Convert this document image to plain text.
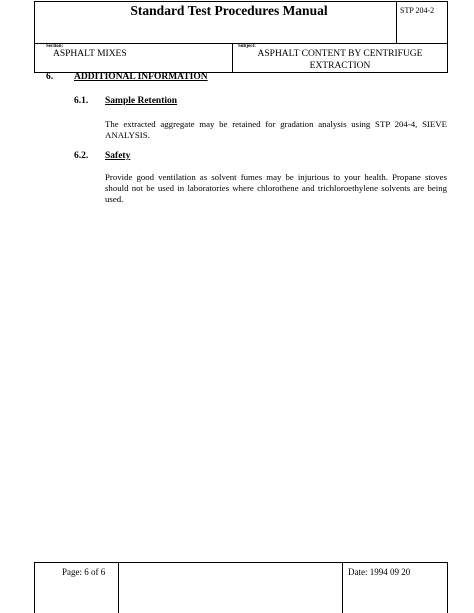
Standard Test Procedures Manual	STP 204-2
Section:
ASPHALT MIXES
Subject:
ASPHALT CONTENT BY CENTRIFUGE
EXTRACTION
6. ADDITIONAL INFORMATION
6.1. Sample Retention
The extracted aggregate may be retained for gradation analysis using STP 204-4, SIEVE ANALYSIS.
6.2. Safety
Provide good ventilation as solvent fumes may be injurious to your health. Propane stoves should not be used in laboratories where chlorothene and trichloroethylene solvents are being used.
Page: 6 of 6	Date: 1994 09 20
